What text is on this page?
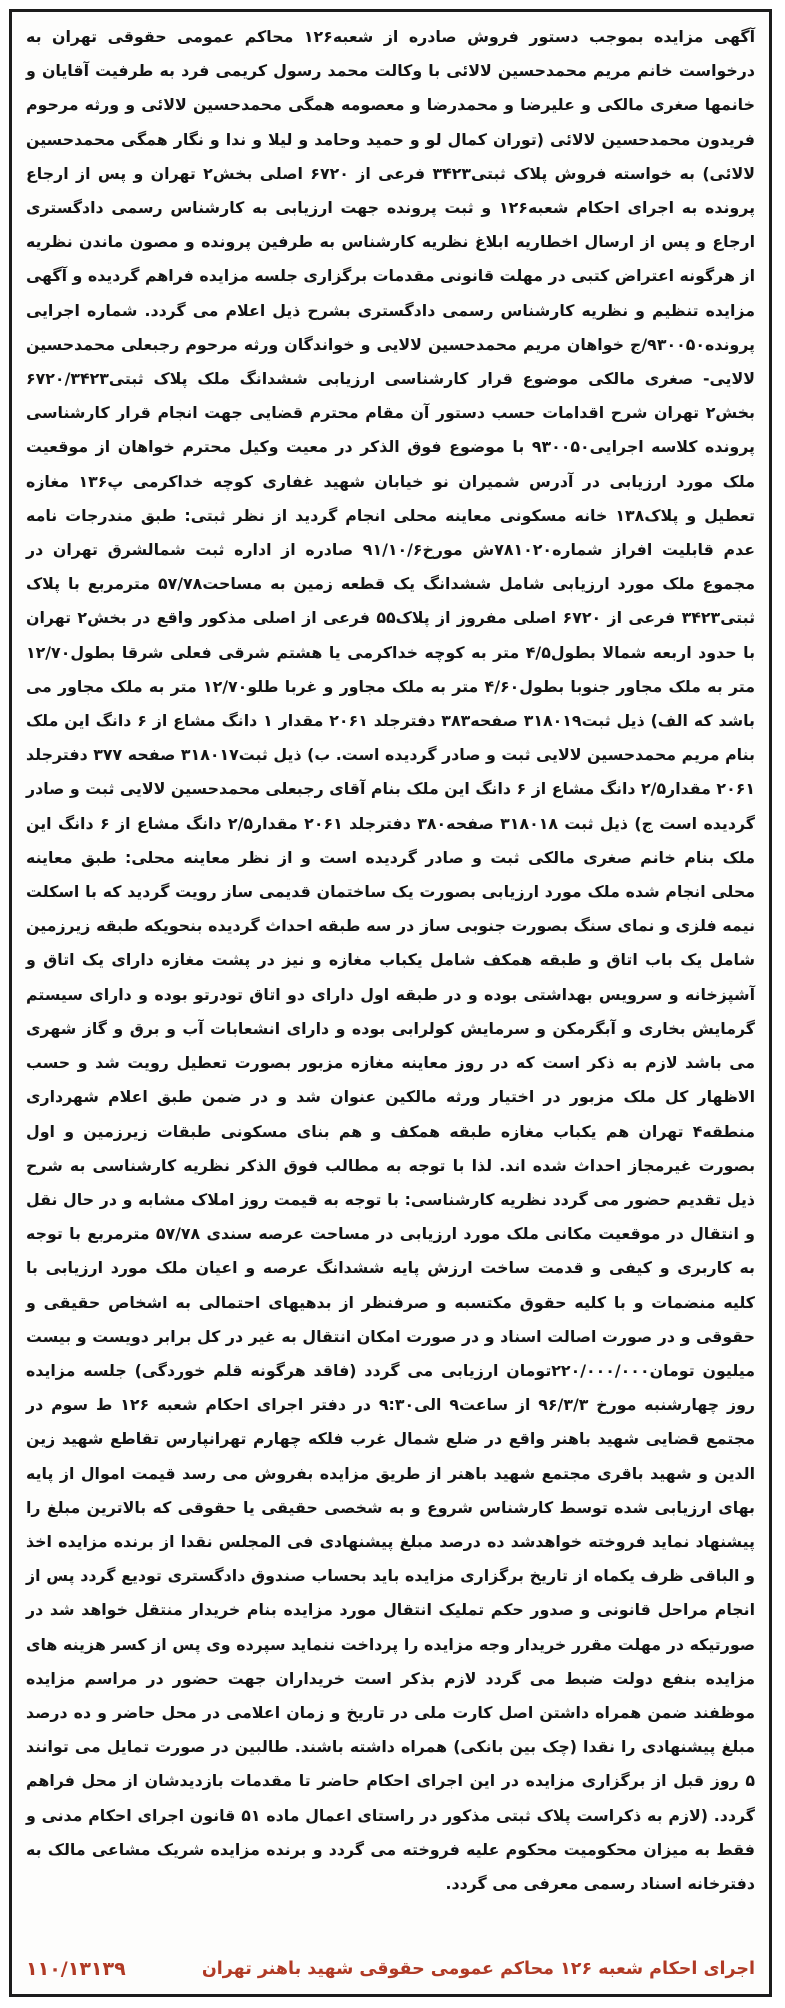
آگهی مزایده بموجب دستور فروش صادره از شعبه۱۲۶ محاکم عمومی حقوقی تهران به درخواست خانم مریم محمدحسین لالائی با وکالت محمد رسول کریمی فرد به طرفیت آقایان و خانمها صغری مالکی و علیرضا و محمدرضا و معصومه همگی محمدحسین لالائی و ورثه مرحوم فریدون محمدحسین لالائی (توران کمال لو و حمید وحامد و لیلا و ندا و نگار همگی محمدحسین لالائی) به خواسته فروش پلاک ثبتی۳۴۲۳ فرعی از ۶۷۲۰ اصلی بخش۲ تهران و پس از ارجاع پرونده به اجرای احکام شعبه۱۲۶ و ثبت پرونده جهت ارزیابی به کارشناس رسمی دادگستری ارجاع و پس از ارسال اخطاریه ابلاغ نظریه کارشناس به طرفین پرونده و مصون ماندن نظریه از هرگونه اعتراض کتبی در مهلت قانونی مقدمات برگزاری جلسه مزایده فراهم گردیده و آگهی مزایده تنظیم و نظریه کارشناس رسمی دادگستری بشرح ذیل اعلام می گردد. شماره اجرایی پرونده۹۳۰۰۵۰/ج خواهان مریم محمدحسین لالایی و خواندگان ورثه مرحوم رجبعلی محمدحسین لالایی- صغری مالکی موضوع قرار کارشناسی ارزیابی ششدانگ ملک پلاک ثبتی۶۷۲۰/۳۴۲۳ بخش۲ تهران شرح اقدامات حسب دستور آن مقام محترم قضایی جهت انجام قرار کارشناسی پرونده کلاسه اجرایی۹۳۰۰۵۰ با موضوع فوق الذکر در معیت وکیل محترم خواهان از موقعیت ملک مورد ارزیابی در آدرس شمیران نو خیابان شهید غفاری کوچه خداکرمی پ۱۳۶ مغازه تعطیل و پلاک۱۳۸ خانه مسکونی معاینه محلی انجام گردید از نظر ثبتی: طبق مندرجات نامه عدم قابلیت افراز شماره۷۸۱۰۲۰ش مورخ۹۱/۱۰/۶ صادره از اداره ثبت شمالشرق تهران در مجموع ملک مورد ارزیابی شامل ششدانگ یک قطعه زمین به مساحت۵۷/۷۸ مترمربع با پلاک ثبتی۳۴۲۳ فرعی از ۶۷۲۰ اصلی مفروز از پلاک۵۵ فرعی از اصلی مذکور واقع در بخش۲ تهران با حدود اربعه شمالا بطول۴/۵ متر به کوچه خداکرمی یا هشتم شرقی فعلی شرقا بطول۱۲/۷۰ متر به ملک مجاور جنوبا بطول۴/۶۰ متر به ملک مجاور و غربا طلو۱۲/۷۰ متر به ملک مجاور می باشد که الف) ذیل ثبت۳۱۸۰۱۹ صفحه۳۸۳ دفترجلد ۲۰۶۱ مقدار ۱ دانگ مشاع از ۶ دانگ این ملک بنام مریم محمدحسین لالایی ثبت و صادر گردیده است. ب) ذیل ثبت۳۱۸۰۱۷ صفحه ۳۷۷ دفترجلد ۲۰۶۱ مقدار۲/۵ دانگ مشاع از ۶ دانگ این ملک بنام آقای رجبعلی محمدحسین لالایی ثبت و صادر گردیده است ج) ذیل ثبت ۳۱۸۰۱۸ صفحه۳۸۰ دفترجلد ۲۰۶۱ مقدار۲/۵ دانگ مشاع از ۶ دانگ این ملک بنام خانم صغری مالکی ثبت و صادر گردیده است و از نظر معاینه محلی: طبق معاینه محلی انجام شده ملک مورد ارزیابی بصورت یک ساختمان قدیمی ساز رویت گردید که با اسکلت نیمه فلزی و نمای سنگ بصورت جنوبی ساز در سه طبقه احداث گردیده بنحویکه طبقه زیرزمین شامل یک باب اتاق و طبقه همکف شامل یکباب مغازه و نیز در پشت مغازه دارای یک اتاق و آشپزخانه و سرویس بهداشتی بوده و در طبقه اول دارای دو اتاق تودرتو بوده و دارای سیستم گرمایش بخاری و آبگرمکن و سرمایش کولرابی بوده و دارای انشعابات آب و برق و گاز شهری می باشد لازم به ذکر است که در روز معاینه مغازه مزبور بصورت تعطیل رویت شد و حسب الاظهار کل ملک مزبور در اختیار ورثه مالکین عنوان شد و در ضمن طبق اعلام شهرداری منطقه۴ تهران هم یکباب مغازه طبقه همکف و هم بنای مسکونی طبقات زیرزمین و اول بصورت غیرمجاز احداث شده اند. لذا با توجه به مطالب فوق الذکر نظریه کارشناسی به شرح ذیل تقدیم حضور می گردد نظریه کارشناسی: با توجه به قیمت روز املاک مشابه و در حال نقل و انتقال در موقعیت مکانی ملک مورد ارزیابی در مساحت عرصه سندی ۵۷/۷۸ مترمربع با توجه به کاربری و کیفی و قدمت ساخت ارزش پایه ششدانگ عرصه و اعیان ملک مورد ارزیابی با کلیه منضمات و با کلیه حقوق مکتسبه و صرفنظر از بدهیهای احتمالی به اشخاص حقیقی و حقوقی و در صورت اصالت اسناد و در صورت امکان انتقال به غیر در کل برابر دویست و بیست میلیون تومان۲۲۰/۰۰۰/۰۰۰تومان ارزیابی می گردد (فاقد هرگونه قلم خوردگی) جلسه مزایده روز چهارشنبه مورخ ۹۶/۳/۳ از ساعت۹ الی۹:۳۰ در دفتر اجرای احکام شعبه ۱۲۶ ط سوم در مجتمع قضایی شهید باهنر واقع در ضلع شمال غرب فلکه چهارم تهرانپارس تقاطع شهید زین الدین و شهید باقری مجتمع شهید باهنر از طریق مزایده بفروش می رسد قیمت اموال از پایه بهای ارزیابی شده توسط کارشناس شروع و به شخصی حقیقی یا حقوقی که بالاترین مبلغ را پیشنهاد نماید فروخته خواهدشد ده درصد مبلغ پیشنهادی فی المجلس نقدا از برنده مزایده اخذ و الباقی ظرف یکماه از تاریخ برگزاری مزایده باید بحساب صندوق دادگستری تودیع گردد پس از انجام مراحل قانونی و صدور حکم تملیک انتقال مورد مزایده بنام خریدار منتقل خواهد شد در صورتیکه در مهلت مقرر خریدار وجه مزایده را پرداخت ننماید سپرده وی پس از کسر هزینه های مزایده بنفع دولت ضبط می گردد لازم بذکر است خریداران جهت حضور در مراسم مزایده موظفند ضمن همراه داشتن اصل کارت ملی در تاریخ و زمان اعلامی در محل حاضر و ده درصد مبلغ پیشنهادی را نقدا (چک بین بانکی) همراه داشته باشند. طالبین در صورت تمایل می توانند ۵ روز قبل از برگزاری مزایده در این اجرای احکام حاضر تا مقدمات بازدیدشان از محل فراهم گردد. (لازم به ذکراست پلاک ثبتی مذکور در راستای اعمال ماده ۵۱ قانون اجرای احکام مدنی و فقط به میزان محکومیت محکوم علیه فروخته می گردد و برنده مزایده شریک مشاعی مالک به دفترخانه اسناد رسمی معرفی می گردد.

اجرای احکام شعبه ۱۲۶ محاکم عمومی حقوقی شهید باهنر تهران
۱۱۰/۱۳۱۳۹
